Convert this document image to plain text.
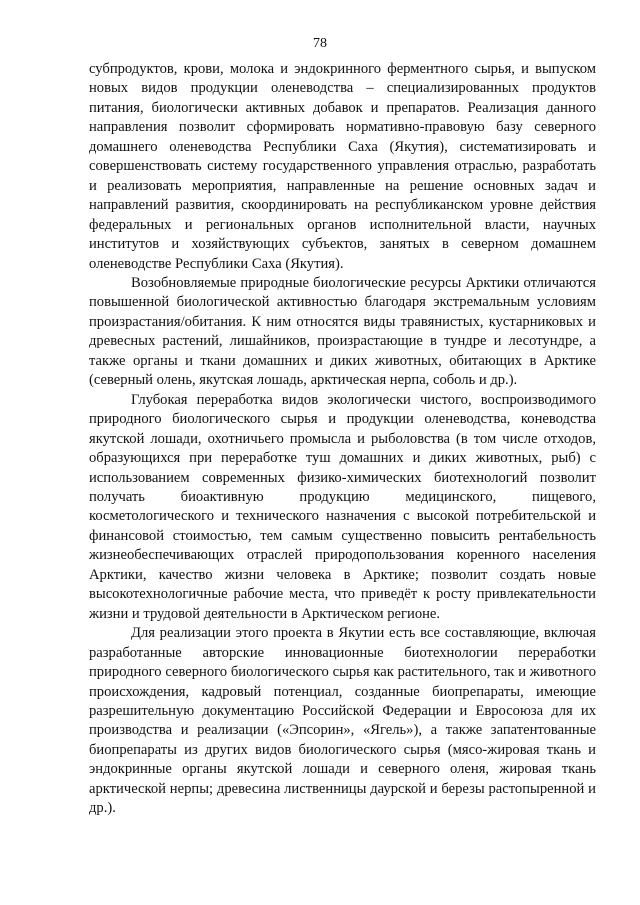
78

субпродуктов, крови, молока и эндокринного ферментного сырья, и выпуском новых видов продукции оленеводства – специализированных продуктов питания, биологически активных добавок и препаратов. Реализация данного направления позволит сформировать нормативно-правовую базу северного домашнего оленеводства Республики Саха (Якутия), систематизировать и совершенствовать систему государственного управления отраслью, разработать и реализовать мероприятия, направленные на решение основных задач и направлений развития, скоординировать на республиканском уровне действия федеральных и региональных органов исполнительной власти, научных институтов и хозяйствующих субъектов, занятых в северном домашнем оленеводстве Республики Саха (Якутия).

Возобновляемые природные биологические ресурсы Арктики отличаются повышенной биологической активностью благодаря экстремальным условиям произрастания/обитания. К ним относятся виды травянистых, кустарниковых и древесных растений, лишайников, произрастающие в тундре и лесотундре, а также органы и ткани домашних и диких животных, обитающих в Арктике (северный олень, якутская лошадь, арктическая нерпа, соболь и др.).

Глубокая переработка видов экологически чистого, воспроизводимого природного биологического сырья и продукции оленеводства, коневодства якутской лошади, охотничьего промысла и рыболовства (в том числе отходов, образующихся при переработке туш домашних и диких животных, рыб) с использованием современных физико-химических биотехнологий позволит получать биоактивную продукцию медицинского, пищевого, косметологического и технического назначения с высокой потребительской и финансовой стоимостью, тем самым существенно повысить рентабельность жизнеобеспечивающих отраслей природопользования коренного населения Арктики, качество жизни человека в Арктике; позволит создать новые высокотехнологичные рабочие места, что приведёт к росту привлекательности жизни и трудовой деятельности в Арктическом регионе.

Для реализации этого проекта в Якутии есть все составляющие, включая разработанные авторские инновационные биотехнологии переработки природного северного биологического сырья как растительного, так и животного происхождения, кадровый потенциал, созданные биопрепараты, имеющие разрешительную документацию Российской Федерации и Евросоюза для их производства и реализации («Эпсорин», «Ягель»), а также запатентованные биопрепараты из других видов биологического сырья (мясо-жировая ткань и эндокринные органы якутской лошади и северного оленя, жировая ткань арктической нерпы; древесина лиственницы даурской и березы растопыренной и др.).
